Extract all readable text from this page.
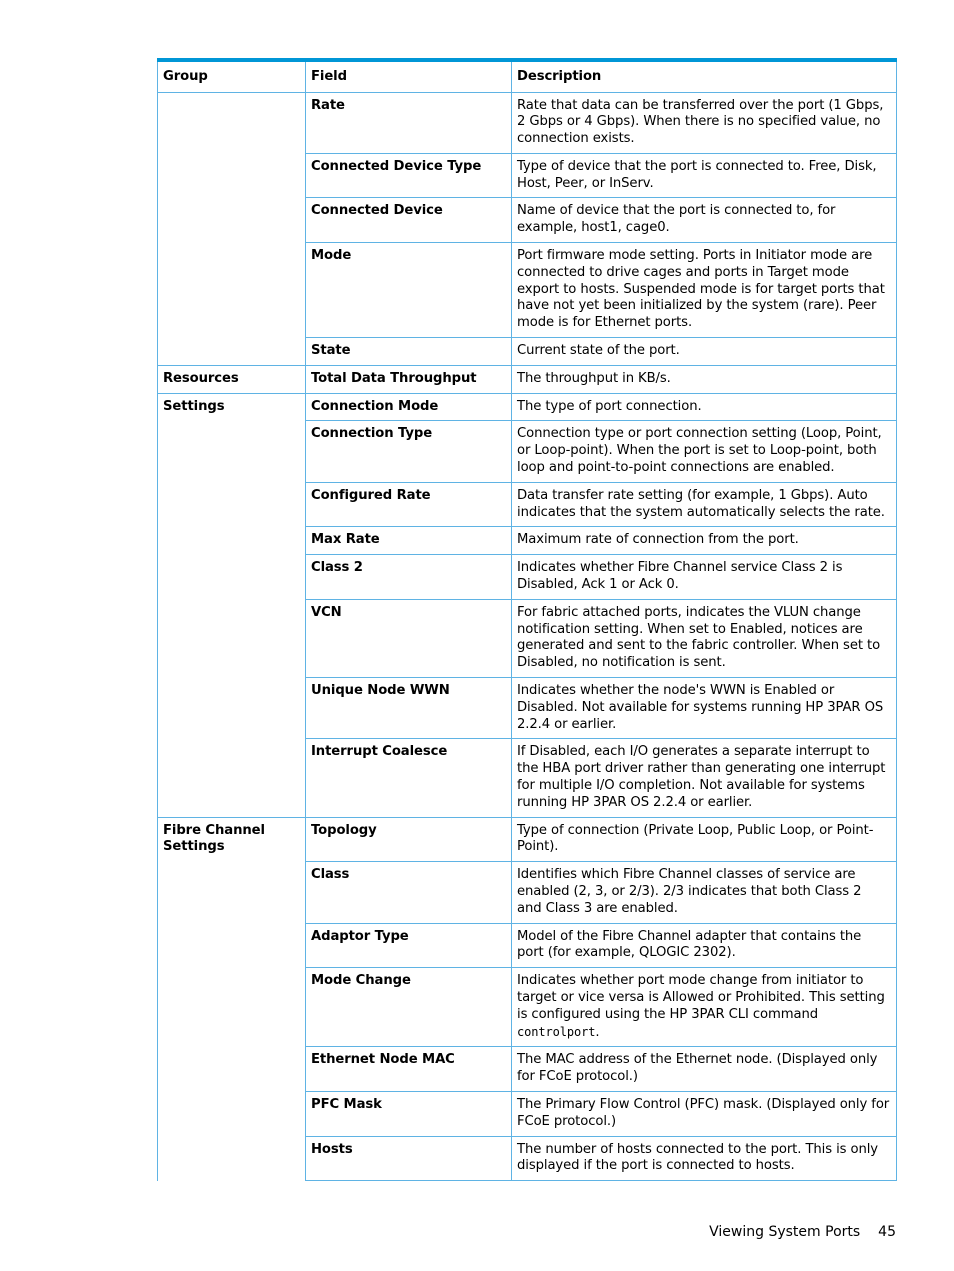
Group	Field	Description
	Rate	Rate that data can be transferred over the port (1 Gbps, 2 Gbps or 4 Gbps). When there is no specified value, no connection exists.
	Connected Device Type	Type of device that the port is connected to. Free, Disk, Host, Peer, or InServ.
	Connected Device	Name of device that the port is connected to, for example, host1, cage0.
	Mode	Port firmware mode setting. Ports in Initiator mode are connected to drive cages and ports in Target mode export to hosts. Suspended mode is for target ports that have not yet been initialized by the system (rare). Peer mode is for Ethernet ports.
	State	Current state of the port.
Resources	Total Data Throughput	The throughput in KB/s.
Settings	Connection Mode	The type of port connection.
	Connection Type	Connection type or port connection setting (Loop, Point, or Loop-point). When the port is set to Loop-point, both loop and point-to-point connections are enabled.
	Configured Rate	Data transfer rate setting (for example, 1 Gbps). Auto indicates that the system automatically selects the rate.
	Max Rate	Maximum rate of connection from the port.
	Class 2	Indicates whether Fibre Channel service Class 2 is Disabled, Ack 1 or Ack 0.
	VCN	For fabric attached ports, indicates the VLUN change notification setting. When set to Enabled, notices are generated and sent to the fabric controller. When set to Disabled, no notification is sent.
	Unique Node WWN	Indicates whether the node's WWN is Enabled or Disabled. Not available for systems running HP 3PAR OS 2.2.4 or earlier.
	Interrupt Coalesce	If Disabled, each I/O generates a separate interrupt to the HBA port driver rather than generating one interrupt for multiple I/O completion. Not available for systems running HP 3PAR OS 2.2.4 or earlier.
Fibre Channel Settings	Topology	Type of connection (Private Loop, Public Loop, or Point-Point).
	Class	Identifies which Fibre Channel classes of service are enabled (2, 3, or 2/3). 2/3 indicates that both Class 2 and Class 3 are enabled.
	Adaptor Type	Model of the Fibre Channel adapter that contains the port (for example, QLOGIC 2302).
	Mode Change	Indicates whether port mode change from initiator to target or vice versa is Allowed or Prohibited. This setting is configured using the HP 3PAR CLI command controlport.
	Ethernet Node MAC	The MAC address of the Ethernet node. (Displayed only for FCoE protocol.)
	PFC Mask	The Primary Flow Control (PFC) mask. (Displayed only for FCoE protocol.)
	Hosts	The number of hosts connected to the port. This is only displayed if the port is connected to hosts.
Viewing System Ports 45
